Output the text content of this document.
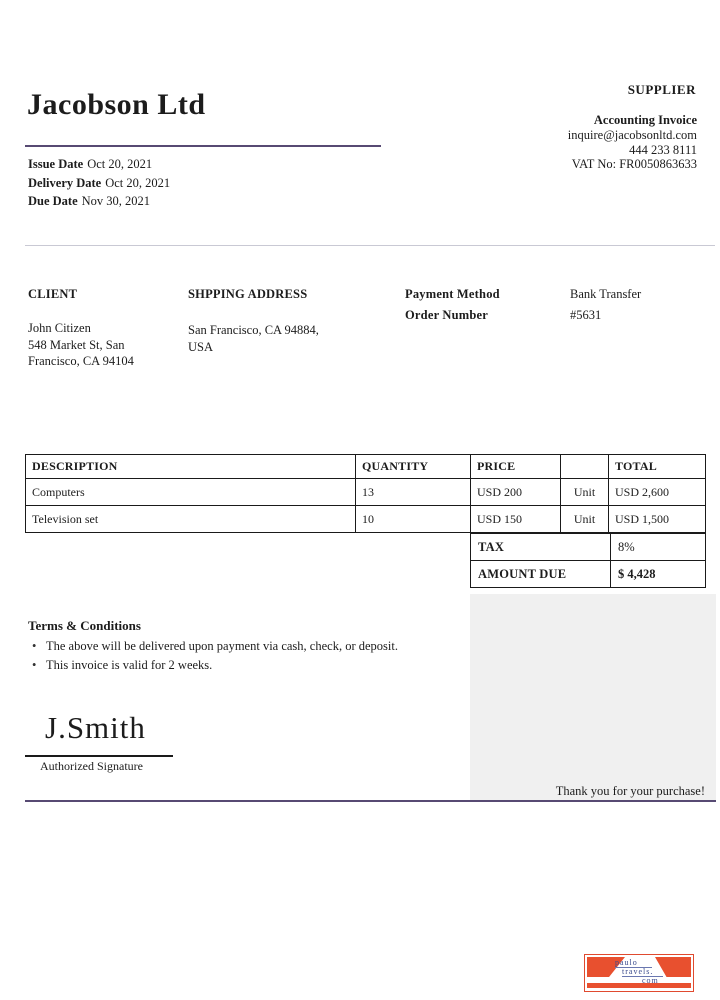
SUPPLIER
Jacobson Ltd	Accounting Invoice
inquire@jacobsonltd.com
444 233 8111
VAT No: FR0050863633
Issue Date Oct 20, 2021
Delivery Date Oct 20, 2021
Due Date Nov 30, 2021
CLIENT	SHPPING ADDRESS	Payment Method	Bank Transfer
Order Number	#5631
John Citizen
548 Market St, San
Francisco, CA 94104
San Francisco, CA 94884,
USA
DESCRIPTION	QUANTITY	PRICE		TOTAL
Computers	13	USD 200	Unit	USD 2,600
Television set	10	USD 150	Unit	USD 1,500
TAX	8%
AMOUNT DUE	$ 4,428
Terms & Conditions
• The above will be delivered upon payment via cash, check, or deposit.
• This invoice is valid for 2 weeks.
J.Smith
Authorized Signature
Thank you for your purchase!
paulo
travels.
com
